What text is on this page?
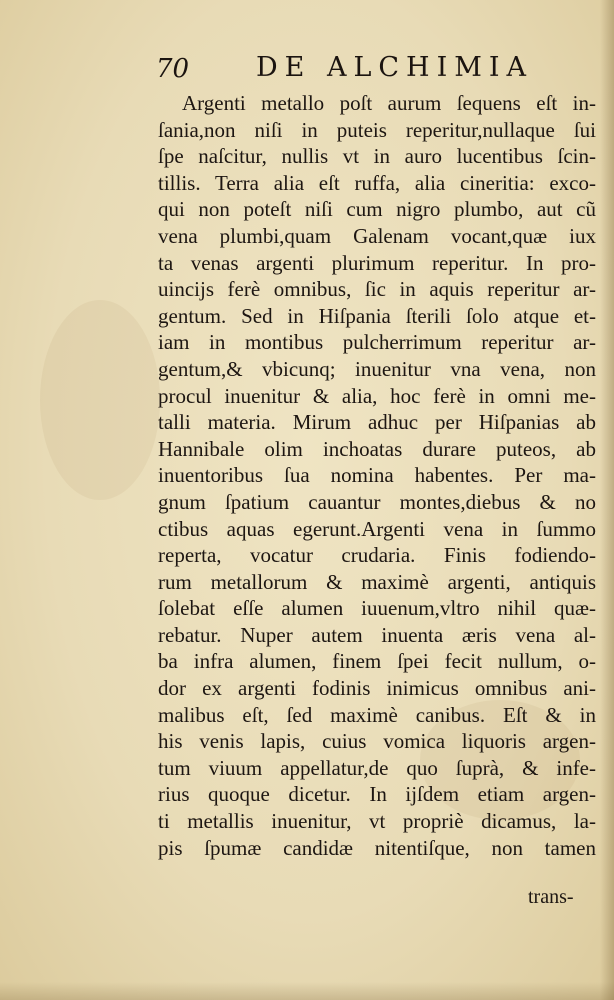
70 DE ALCHIMIA
Argenti metallo poſt aurum ſequens eſt in-
ſania,non niſi in puteis reperitur,nullaque ſui
ſpe naſcitur, nullis vt in auro lucentibus ſcin-
tillis. Terra alia eſt ruffa, alia cineritia: exco-
qui non poteſt niſi cum nigro plumbo, aut cũ
vena plumbi,quam Galenam vocant,quæ iux
ta venas argenti plurimum reperitur. In pro-
uincijs ferè omnibus, ſic in aquis reperitur ar-
gentum. Sed in Hiſpania ſterili ſolo atque et-
iam in montibus pulcherrimum reperitur ar-
gentum,& vbicunq; inuenitur vna vena, non
procul inuenitur & alia, hoc ferè in omni me-
talli materia. Mirum adhuc per Hiſpanias ab
Hannibale olim inchoatas durare puteos, ab
inuentoribus ſua nomina habentes. Per ma-
gnum ſpatium cauantur montes,diebus & no
ctibus aquas egerunt.Argenti vena in ſummo
reperta, vocatur crudaria. Finis fodiendo-
rum metallorum & maximè argenti, antiquis
ſolebat eſſe alumen iuuenum,vltro nihil quæ-
rebatur. Nuper autem inuenta æris vena al-
ba infra alumen, finem ſpei fecit nullum, o-
dor ex argenti fodinis inimicus omnibus ani-
malibus eſt, ſed maximè canibus. Eſt & in
his venis lapis, cuius vomica liquoris argen-
tum viuum appellatur,de quo ſuprà, & infe-
rius quoque dicetur. In ijſdem etiam argen-
ti metallis inuenitur, vt propriè dicamus, la-
pis ſpumæ candidæ nitentiſque, non tamen
trans-
